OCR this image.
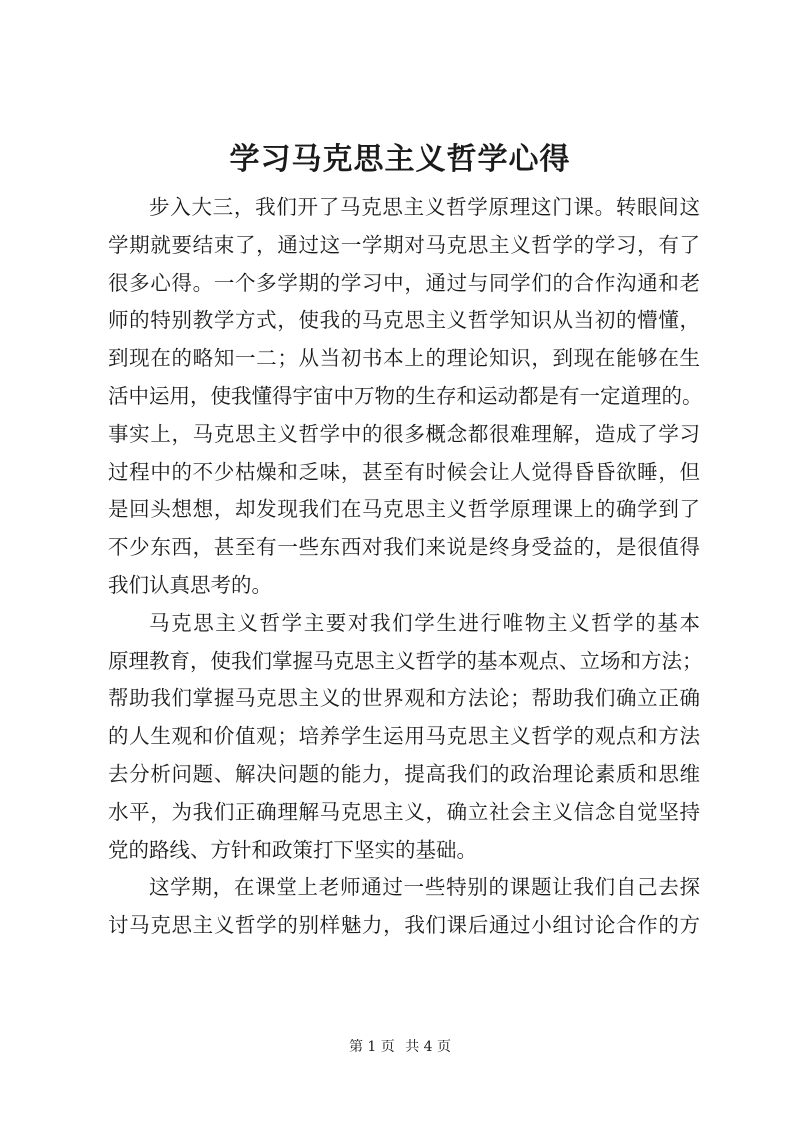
学习马克思主义哲学心得
步入大三，我们开了马克思主义哲学原理这门课。转眼间这
学期就要结束了，通过这一学期对马克思主义哲学的学习，有了
很多心得。一个多学期的学习中，通过与同学们的合作沟通和老
师的特别教学方式，使我的马克思主义哲学知识从当初的懵懂，
到现在的略知一二；从当初书本上的理论知识，到现在能够在生
活中运用，使我懂得宇宙中万物的生存和运动都是有一定道理的。
事实上，马克思主义哲学中的很多概念都很难理解，造成了学习
过程中的不少枯燥和乏味，甚至有时候会让人觉得昏昏欲睡，但
是回头想想，却发现我们在马克思主义哲学原理课上的确学到了
不少东西，甚至有一些东西对我们来说是终身受益的，是很值得
我们认真思考的。
马克思主义哲学主要对我们学生进行唯物主义哲学的基本
原理教育，使我们掌握马克思主义哲学的基本观点、立场和方法；
帮助我们掌握马克思主义的世界观和方法论；帮助我们确立正确
的人生观和价值观；培养学生运用马克思主义哲学的观点和方法
去分析问题、解决问题的能力，提高我们的政治理论素质和思维
水平，为我们正确理解马克思主义，确立社会主义信念自觉坚持
党的路线、方针和政策打下坚实的基础。
这学期，在课堂上老师通过一些特别的课题让我们自己去探
讨马克思主义哲学的别样魅力，我们课后通过小组讨论合作的方
第 1 页 共 4 页
